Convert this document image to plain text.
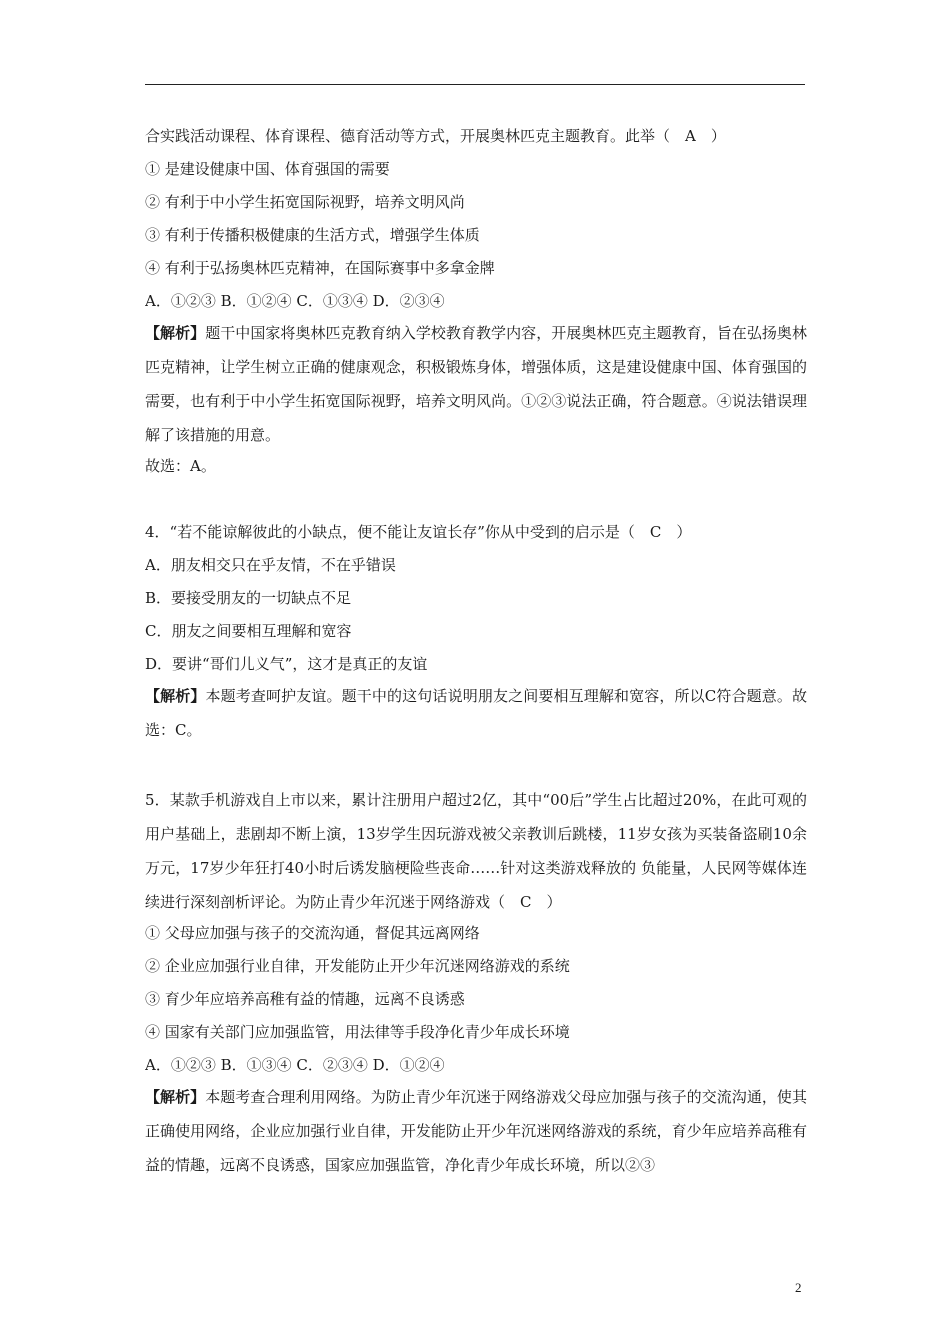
合实践活动课程、体育课程、德育活动等方式，开展奥林匹克主题教育。此举（　A　）
① 是建设健康中国、体育强国的需要
② 有利于中小学生拓宽国际视野，培养文明风尚
③ 有利于传播积极健康的生活方式，增强学生体质
④ 有利于弘扬奥林匹克精神，在国际赛事中多拿金牌
A．①②③ B．①②④ C．①③④ D．②③④
【解析】题干中国家将奥林匹克教育纳入学校教育教学内容，开展奥林匹克主题教育，旨在弘扬奥林匹克精神，让学生树立正确的健康观念，积极锻炼身体，增强体质，这是建设健康中国、体育强国的需要，也有利于中小学生拓宽国际视野，培养文明风尚。①②③说法正确，符合题意。④说法错误理解了该措施的用意。
故选：A。
4．“若不能谅解彼此的小缺点，便不能让友谊长存”你从中受到的启示是（　C　）
A．朋友相交只在乎友情，不在乎错误
B．要接受朋友的一切缺点不足
C．朋友之间要相互理解和宽容
D．要讲“哥们儿义气”，这才是真正的友谊
【解析】本题考查呵护友谊。题干中的这句话说明朋友之间要相互理解和宽容，所以C符合题意。故选：C。
5．某款手机游戏自上市以来，累计注册用户超过2亿，其中“00后”学生占比超过20%，在此可观的用户基础上，悲剧却不断上演，13岁学生因玩游戏被父亲教训后跳楼，11岁女孩为买装备盗刷10余万元，17岁少年狂打40小时后诱发脑梗险些丧命……针对这类游戏释放的 负能量，人民网等媒体连续进行深刻剖析评论。为防止青少年沉迷于网络游戏（　C　）
① 父母应加强与孩子的交流沟通，督促其远离网络
② 企业应加强行业自律，开发能防止开少年沉迷网络游戏的系统
③ 育少年应培养高稚有益的情趣，远离不良诱惑
④ 国家有关部门应加强监管，用法律等手段净化青少年成长环境
A．①②③ B．①③④ C．②③④ D．①②④
【解析】本题考查合理利用网络。为防止青少年沉迷于网络游戏父母应加强与孩子的交流沟通，使其正确使用网络，企业应加强行业自律，开发能防止开少年沉迷网络游戏的系统，育少年应培养高稚有益的情趣，远离不良诱惑，国家应加强监管，净化青少年成长环境，所以②③
2
